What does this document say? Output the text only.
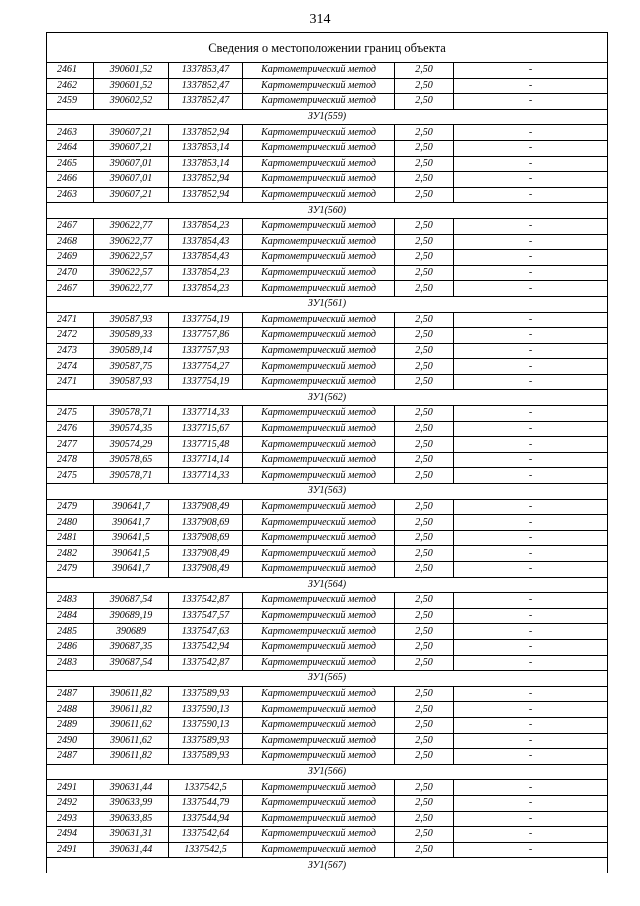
314
Сведения о местоположении границ объекта
2461	390601,52	1337853,47	Картометрический метод	2,50	-
2462	390601,52	1337852,47	Картометрический метод	2,50	-
2459	390602,52	1337852,47	Картометрический метод	2,50	-
ЗУ1(559)					
2463	390607,21	1337852,94	Картометрический метод	2,50	-
2464	390607,21	1337853,14	Картометрический метод	2,50	-
2465	390607,01	1337853,14	Картометрический метод	2,50	-
2466	390607,01	1337852,94	Картометрический метод	2,50	-
2463	390607,21	1337852,94	Картометрический метод	2,50	-
ЗУ1(560)					
2467	390622,77	1337854,23	Картометрический метод	2,50	-
2468	390622,77	1337854,43	Картометрический метод	2,50	-
2469	390622,57	1337854,43	Картометрический метод	2,50	-
2470	390622,57	1337854,23	Картометрический метод	2,50	-
2467	390622,77	1337854,23	Картометрический метод	2,50	-
ЗУ1(561)					
2471	390587,93	1337754,19	Картометрический метод	2,50	-
2472	390589,33	1337757,86	Картометрический метод	2,50	-
2473	390589,14	1337757,93	Картометрический метод	2,50	-
2474	390587,75	1337754,27	Картометрический метод	2,50	-
2471	390587,93	1337754,19	Картометрический метод	2,50	-
ЗУ1(562)					
2475	390578,71	1337714,33	Картометрический метод	2,50	-
2476	390574,35	1337715,67	Картометрический метод	2,50	-
2477	390574,29	1337715,48	Картометрический метод	2,50	-
2478	390578,65	1337714,14	Картометрический метод	2,50	-
2475	390578,71	1337714,33	Картометрический метод	2,50	-
ЗУ1(563)					
2479	390641,7	1337908,49	Картометрический метод	2,50	-
2480	390641,7	1337908,69	Картометрический метод	2,50	-
2481	390641,5	1337908,69	Картометрический метод	2,50	-
2482	390641,5	1337908,49	Картометрический метод	2,50	-
2479	390641,7	1337908,49	Картометрический метод	2,50	-
ЗУ1(564)					
2483	390687,54	1337542,87	Картометрический метод	2,50	-
2484	390689,19	1337547,57	Картометрический метод	2,50	-
2485	390689	1337547,63	Картометрический метод	2,50	-
2486	390687,35	1337542,94	Картометрический метод	2,50	-
2483	390687,54	1337542,87	Картометрический метод	2,50	-
ЗУ1(565)					
2487	390611,82	1337589,93	Картометрический метод	2,50	-
2488	390611,82	1337590,13	Картометрический метод	2,50	-
2489	390611,62	1337590,13	Картометрический метод	2,50	-
2490	390611,62	1337589,93	Картометрический метод	2,50	-
2487	390611,82	1337589,93	Картометрический метод	2,50	-
ЗУ1(566)					
2491	390631,44	1337542,5	Картометрический метод	2,50	-
2492	390633,99	1337544,79	Картометрический метод	2,50	-
2493	390633,85	1337544,94	Картометрический метод	2,50	-
2494	390631,31	1337542,64	Картометрический метод	2,50	-
2491	390631,44	1337542,5	Картометрический метод	2,50	-
ЗУ1(567)					
